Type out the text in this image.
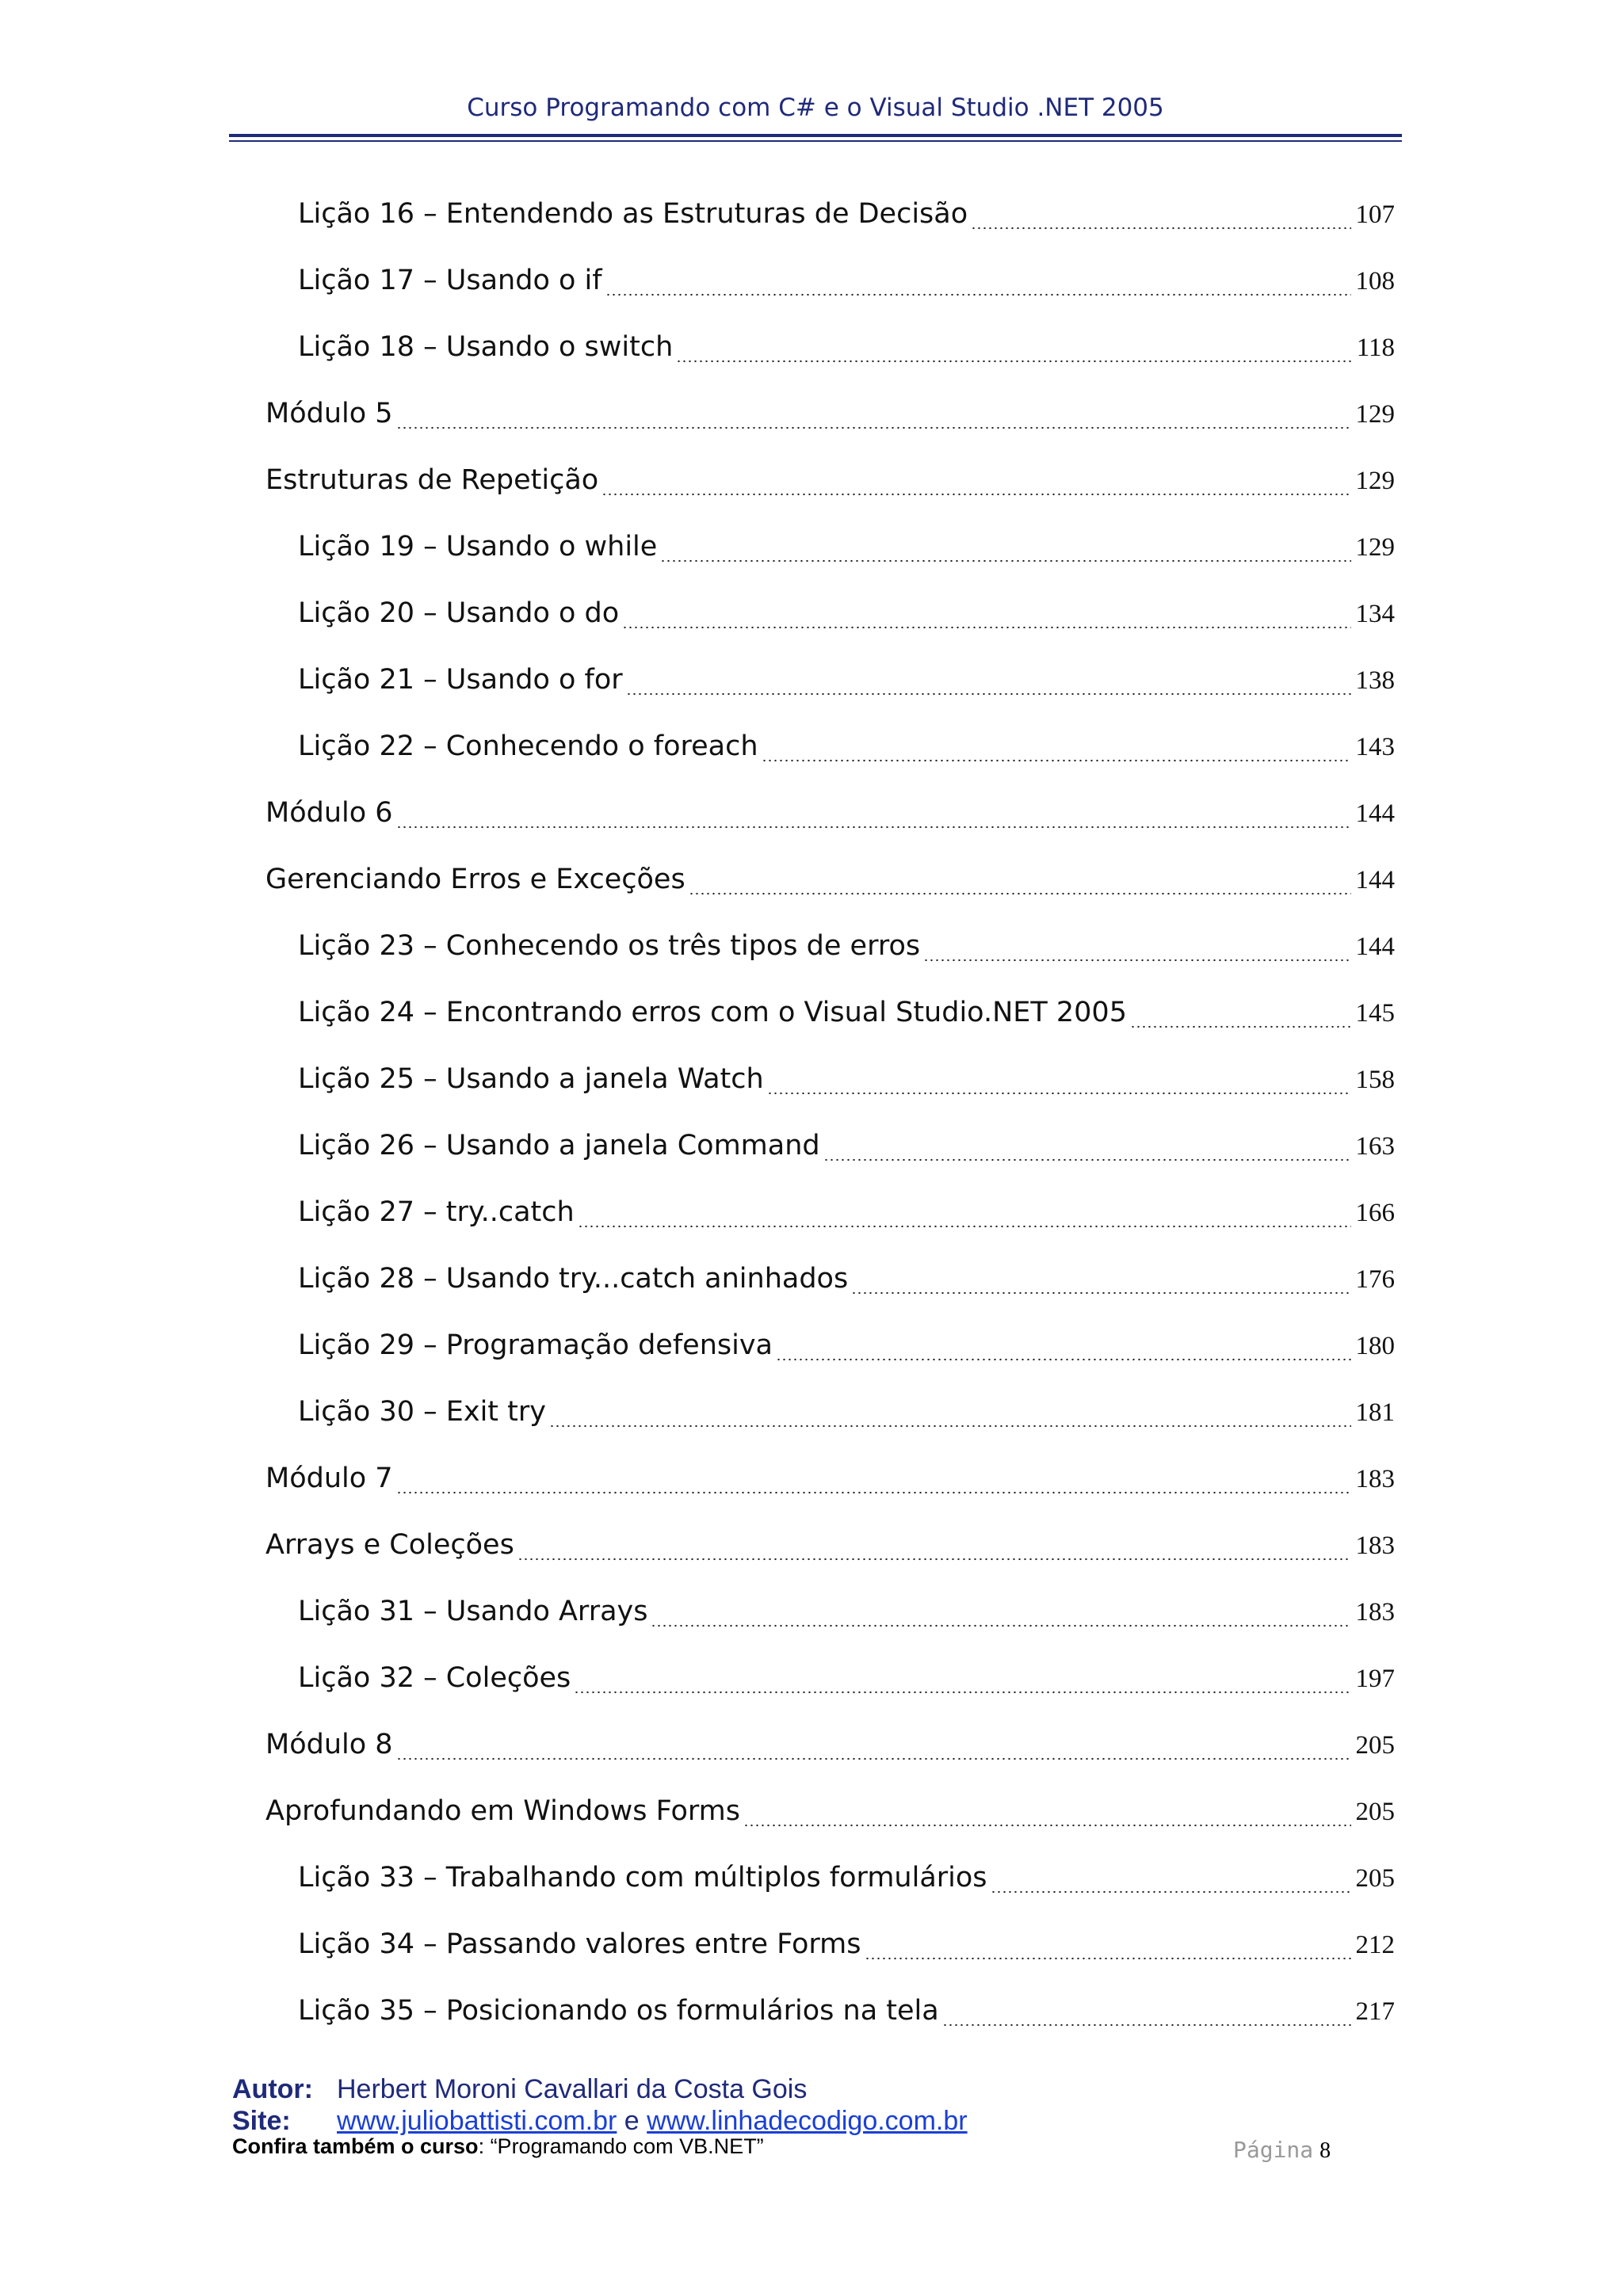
Curso Programando com C# e o Visual Studio .NET 2005
Lição 16 – Entendendo as Estruturas de Decisão	107
Lição 17 – Usando o if	108
Lição 18 – Usando o switch	118
Módulo 5	129
Estruturas de Repetição	129
Lição 19 – Usando o while	129
Lição 20 – Usando o do	134
Lição 21 – Usando o for	138
Lição 22 – Conhecendo o foreach	143
Módulo 6	144
Gerenciando Erros e Exceções	144
Lição 23 – Conhecendo os três tipos de erros	144
Lição 24 – Encontrando erros com o Visual Studio.NET 2005	145
Lição 25 – Usando a janela Watch	158
Lição 26 – Usando a janela Command	163
Lição 27 – try..catch	166
Lição 28 – Usando try...catch aninhados	176
Lição 29 – Programação defensiva	180
Lição 30 – Exit try	181
Módulo 7	183
Arrays e Coleções	183
Lição 31 – Usando Arrays	183
Lição 32 – Coleções	197
Módulo 8	205
Aprofundando em Windows Forms	205
Lição 33 – Trabalhando com múltiplos formulários	205
Lição 34 – Passando valores entre Forms	212
Lição 35 – Posicionando os formulários na tela	217
Autor: Herbert Moroni Cavallari da Costa Gois
Site: www.juliobattisti.com.br e www.linhadecodigo.com.br
Confira também o curso: “Programando com VB.NET”	Página 8
